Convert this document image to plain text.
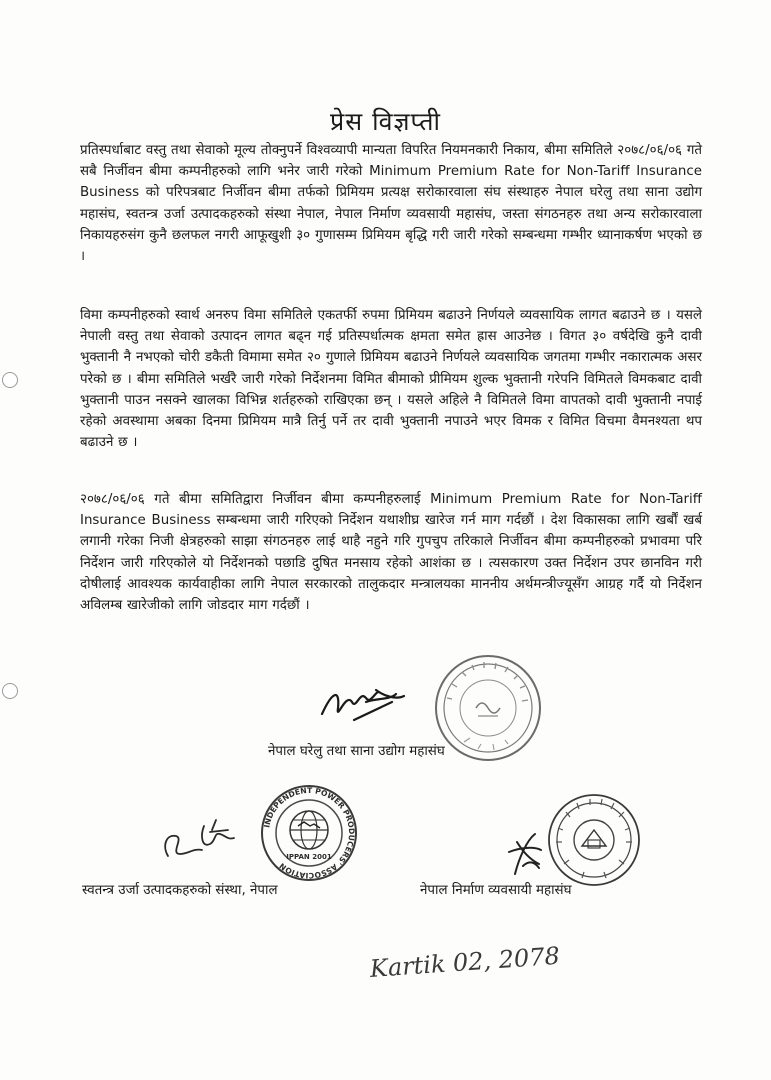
प्रेस विज्ञप्ती

प्रतिस्पर्धाबाट वस्तु तथा सेवाको मूल्य तोक्नुपर्ने विश्वव्यापी मान्यता विपरित नियमनकारी निकाय, बीमा समितिले २०७८/०६/०६ गते सबै निर्जीवन बीमा कम्पनीहरुको लागि भनेर जारी गरेको Minimum Premium Rate for Non-Tariff Insurance Business को परिपत्रबाट निर्जीवन बीमा तर्फको प्रिमियम प्रत्यक्ष सरोकारवाला संघ संस्थाहरु नेपाल घरेलु तथा साना उद्योग महासंघ, स्वतन्त्र उर्जा उत्पादकहरुको संस्था नेपाल, नेपाल निर्माण व्यवसायी महासंघ, जस्ता संगठनहरु तथा अन्य सरोकारवाला निकायहरुसंग कुनै छलफल नगरी आफूखुशी ३० गुणासम्म प्रिमियम बृद्धि गरी जारी गरेको सम्बन्धमा गम्भीर ध्यानाकर्षण भएको छ ।

विमा कम्पनीहरुको स्वार्थ अनरुप विमा समितिले एकतर्फी रुपमा प्रिमियम बढाउने निर्णयले व्यवसायिक लागत बढाउने छ । यसले नेपाली वस्तु तथा सेवाको उत्पादन लागत बढ्न गई प्रतिस्पर्धात्मक क्षमता समेत ह्रास आउनेछ । विगत ३० वर्षदेखि कुनै दावी भुक्तानी नै नभएको चोरी डकैती विमामा समेत २० गुणाले प्रिमियम बढाउने निर्णयले व्यवसायिक जगतमा गम्भीर नकारात्मक असर परेको छ । बीमा समितिले भर्खरै जारी गरेको निर्देशनमा विमित बीमाको प्रीमियम शुल्क भुक्तानी गरेपनि विमितले विमकबाट दावी भुक्तानी पाउन नसक्ने खालका विभिन्न शर्तहरुको राखिएका छन् । यसले अहिले नै विमितले विमा वापतको दावी भुक्तानी नपाई रहेको अवस्थामा अबका दिनमा प्रिमियम मात्रै तिर्नु पर्ने तर दावी भुक्तानी नपाउने भएर विमक र विमित विचमा वैमनश्यता थप बढाउने छ ।

२०७८/०६/०६ गते बीमा समितिद्वारा निर्जीवन बीमा कम्पनीहरुलाई Minimum Premium Rate for Non-Tariff Insurance Business सम्बन्धमा जारी गरिएको निर्देशन यथाशीघ्र खारेज गर्न माग गर्दछौं । देश विकासका लागि खर्बौं खर्ब लगानी गरेका निजी क्षेत्रहरुको साझा संगठनहरु लाई थाहै नहुने गरि गुपचुप तरिकाले निर्जीवन बीमा कम्पनीहरुको प्रभावमा परि निर्देशन जारी गरिएकोले यो निर्देशनको पछाडि दुषित मनसाय रहेको आशंका छ । त्यसकारण उक्त निर्देशन उपर छानविन गरी दोषीलाई आवश्यक कार्यवाहीका लागि नेपाल सरकारको तालुकदार मन्त्रालयका माननीय अर्थमन्त्रीज्यूसँग आग्रह गर्दै यो निर्देशन अविलम्ब खारेजीको लागि जोडदार माग गर्दछौं ।

नेपाल घरेलु तथा साना उद्योग महासंघ
INDEPENDENT POWER PRODUCERS' ASSOCIATION
IPPAN 2001
स्वतन्त्र उर्जा उत्पादकहरुको संस्था, नेपाल	नेपाल निर्माण व्यवसायी महासंघ
Kartik 02, 2078
